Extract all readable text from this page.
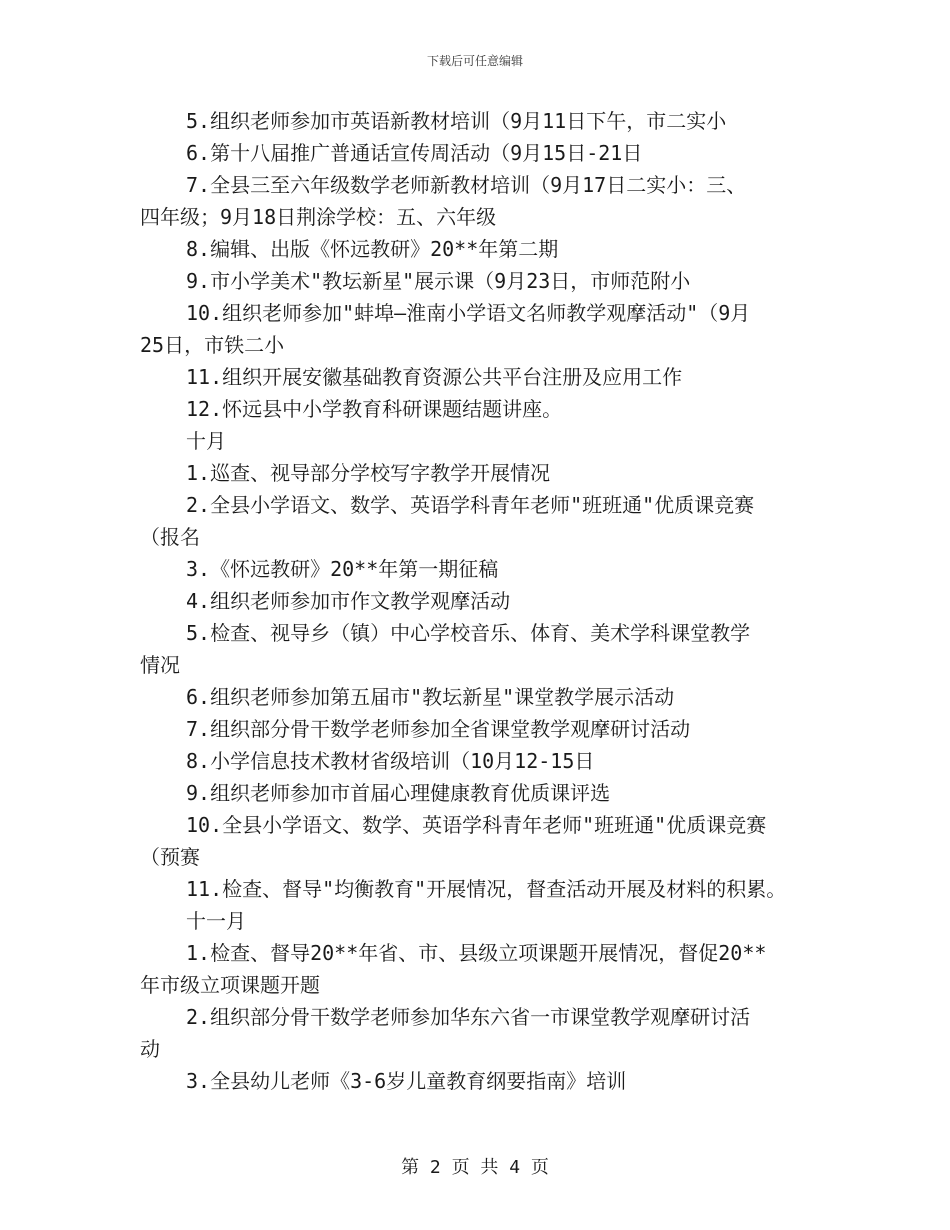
下载后可任意编辑
5.组织老师参加市英语新教材培训（9月11日下午，市二实小
6.第十八届推广普通话宣传周活动（9月15日-21日
7.全县三至六年级数学老师新教材培训（9月17日二实小：三、
四年级；9月18日荆涂学校：五、六年级
8.编辑、出版《怀远教研》20**年第二期
9.市小学美术"教坛新星"展示课（9月23日，市师范附小
10.组织老师参加"蚌埠—淮南小学语文名师教学观摩活动"（9月
25日，市铁二小
11.组织开展安徽基础教育资源公共平台注册及应用工作
12.怀远县中小学教育科研课题结题讲座。
十月
1.巡查、视导部分学校写字教学开展情况
2.全县小学语文、数学、英语学科青年老师"班班通"优质课竞赛
（报名
3.《怀远教研》20**年第一期征稿
4.组织老师参加市作文教学观摩活动
5.检查、视导乡（镇）中心学校音乐、体育、美术学科课堂教学
情况
6.组织老师参加第五届市"教坛新星"课堂教学展示活动
7.组织部分骨干数学老师参加全省课堂教学观摩研讨活动
8.小学信息技术教材省级培训（10月12-15日
9.组织老师参加市首届心理健康教育优质课评选
10.全县小学语文、数学、英语学科青年老师"班班通"优质课竞赛
（预赛
11.检查、督导"均衡教育"开展情况，督查活动开展及材料的积累。
十一月
1.检查、督导20**年省、市、县级立项课题开展情况，督促20**
年市级立项课题开题
2.组织部分骨干数学老师参加华东六省一市课堂教学观摩研讨活
动
3.全县幼儿老师《3-6岁儿童教育纲要指南》培训
第 2 页 共 4 页
